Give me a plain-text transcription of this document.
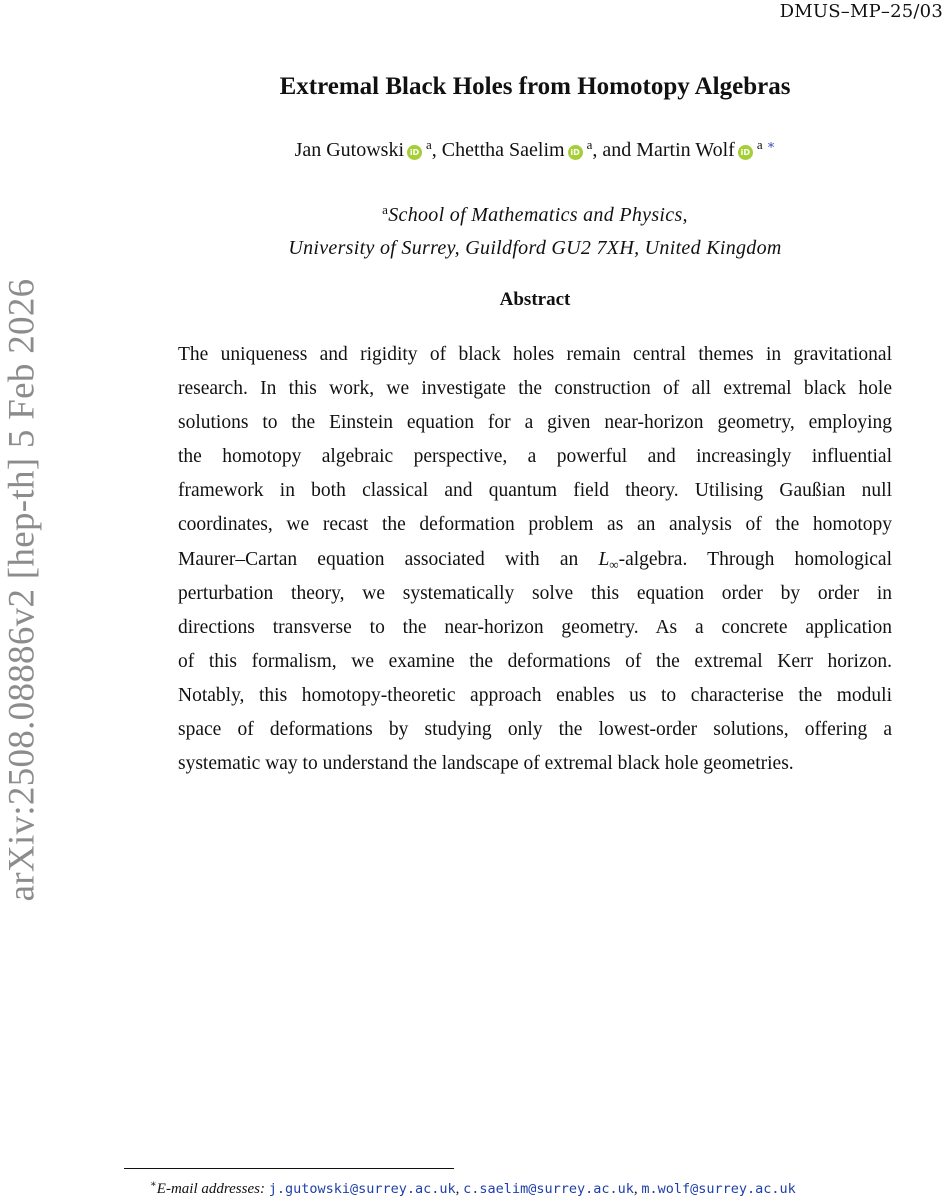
DMUS–MP–25/03
arXiv:2508.08886v2 [hep-th] 5 Feb 2026
Extremal Black Holes from Homotopy Algebras
Jan Gutowski $iD^a$, Chettha Saelim $iD^a$, and Martin Wolf $iD^a$ ∗
$^a$School of Mathematics and Physics,
University of Surrey, Guildford GU2 7XH, United Kingdom
Abstract
The uniqueness and rigidity of black holes remain central themes in gravitational
research. In this work, we investigate the construction of all extremal black hole
solutions to the Einstein equation for a given near-horizon geometry, employing
the homotopy algebraic perspective, a powerful and increasingly influential
framework in both classical and quantum field theory. Utilising Gaußian null
coordinates, we recast the deformation problem as an analysis of the homotopy
Maurer–Cartan equation associated with an $L_\infty$-algebra. Through homological
perturbation theory, we systematically solve this equation order by order in
directions transverse to the near-horizon geometry. As a concrete application
of this formalism, we examine the deformations of the extremal Kerr horizon.
Notably, this homotopy-theoretic approach enables us to characterise the moduli
space of deformations by studying only the lowest-order solutions, offering a
systematic way to understand the landscape of extremal black hole geometries.
∗E-mail addresses: j.gutowski@surrey.ac.uk, c.saelim@surrey.ac.uk, m.wolf@surrey.ac.uk
